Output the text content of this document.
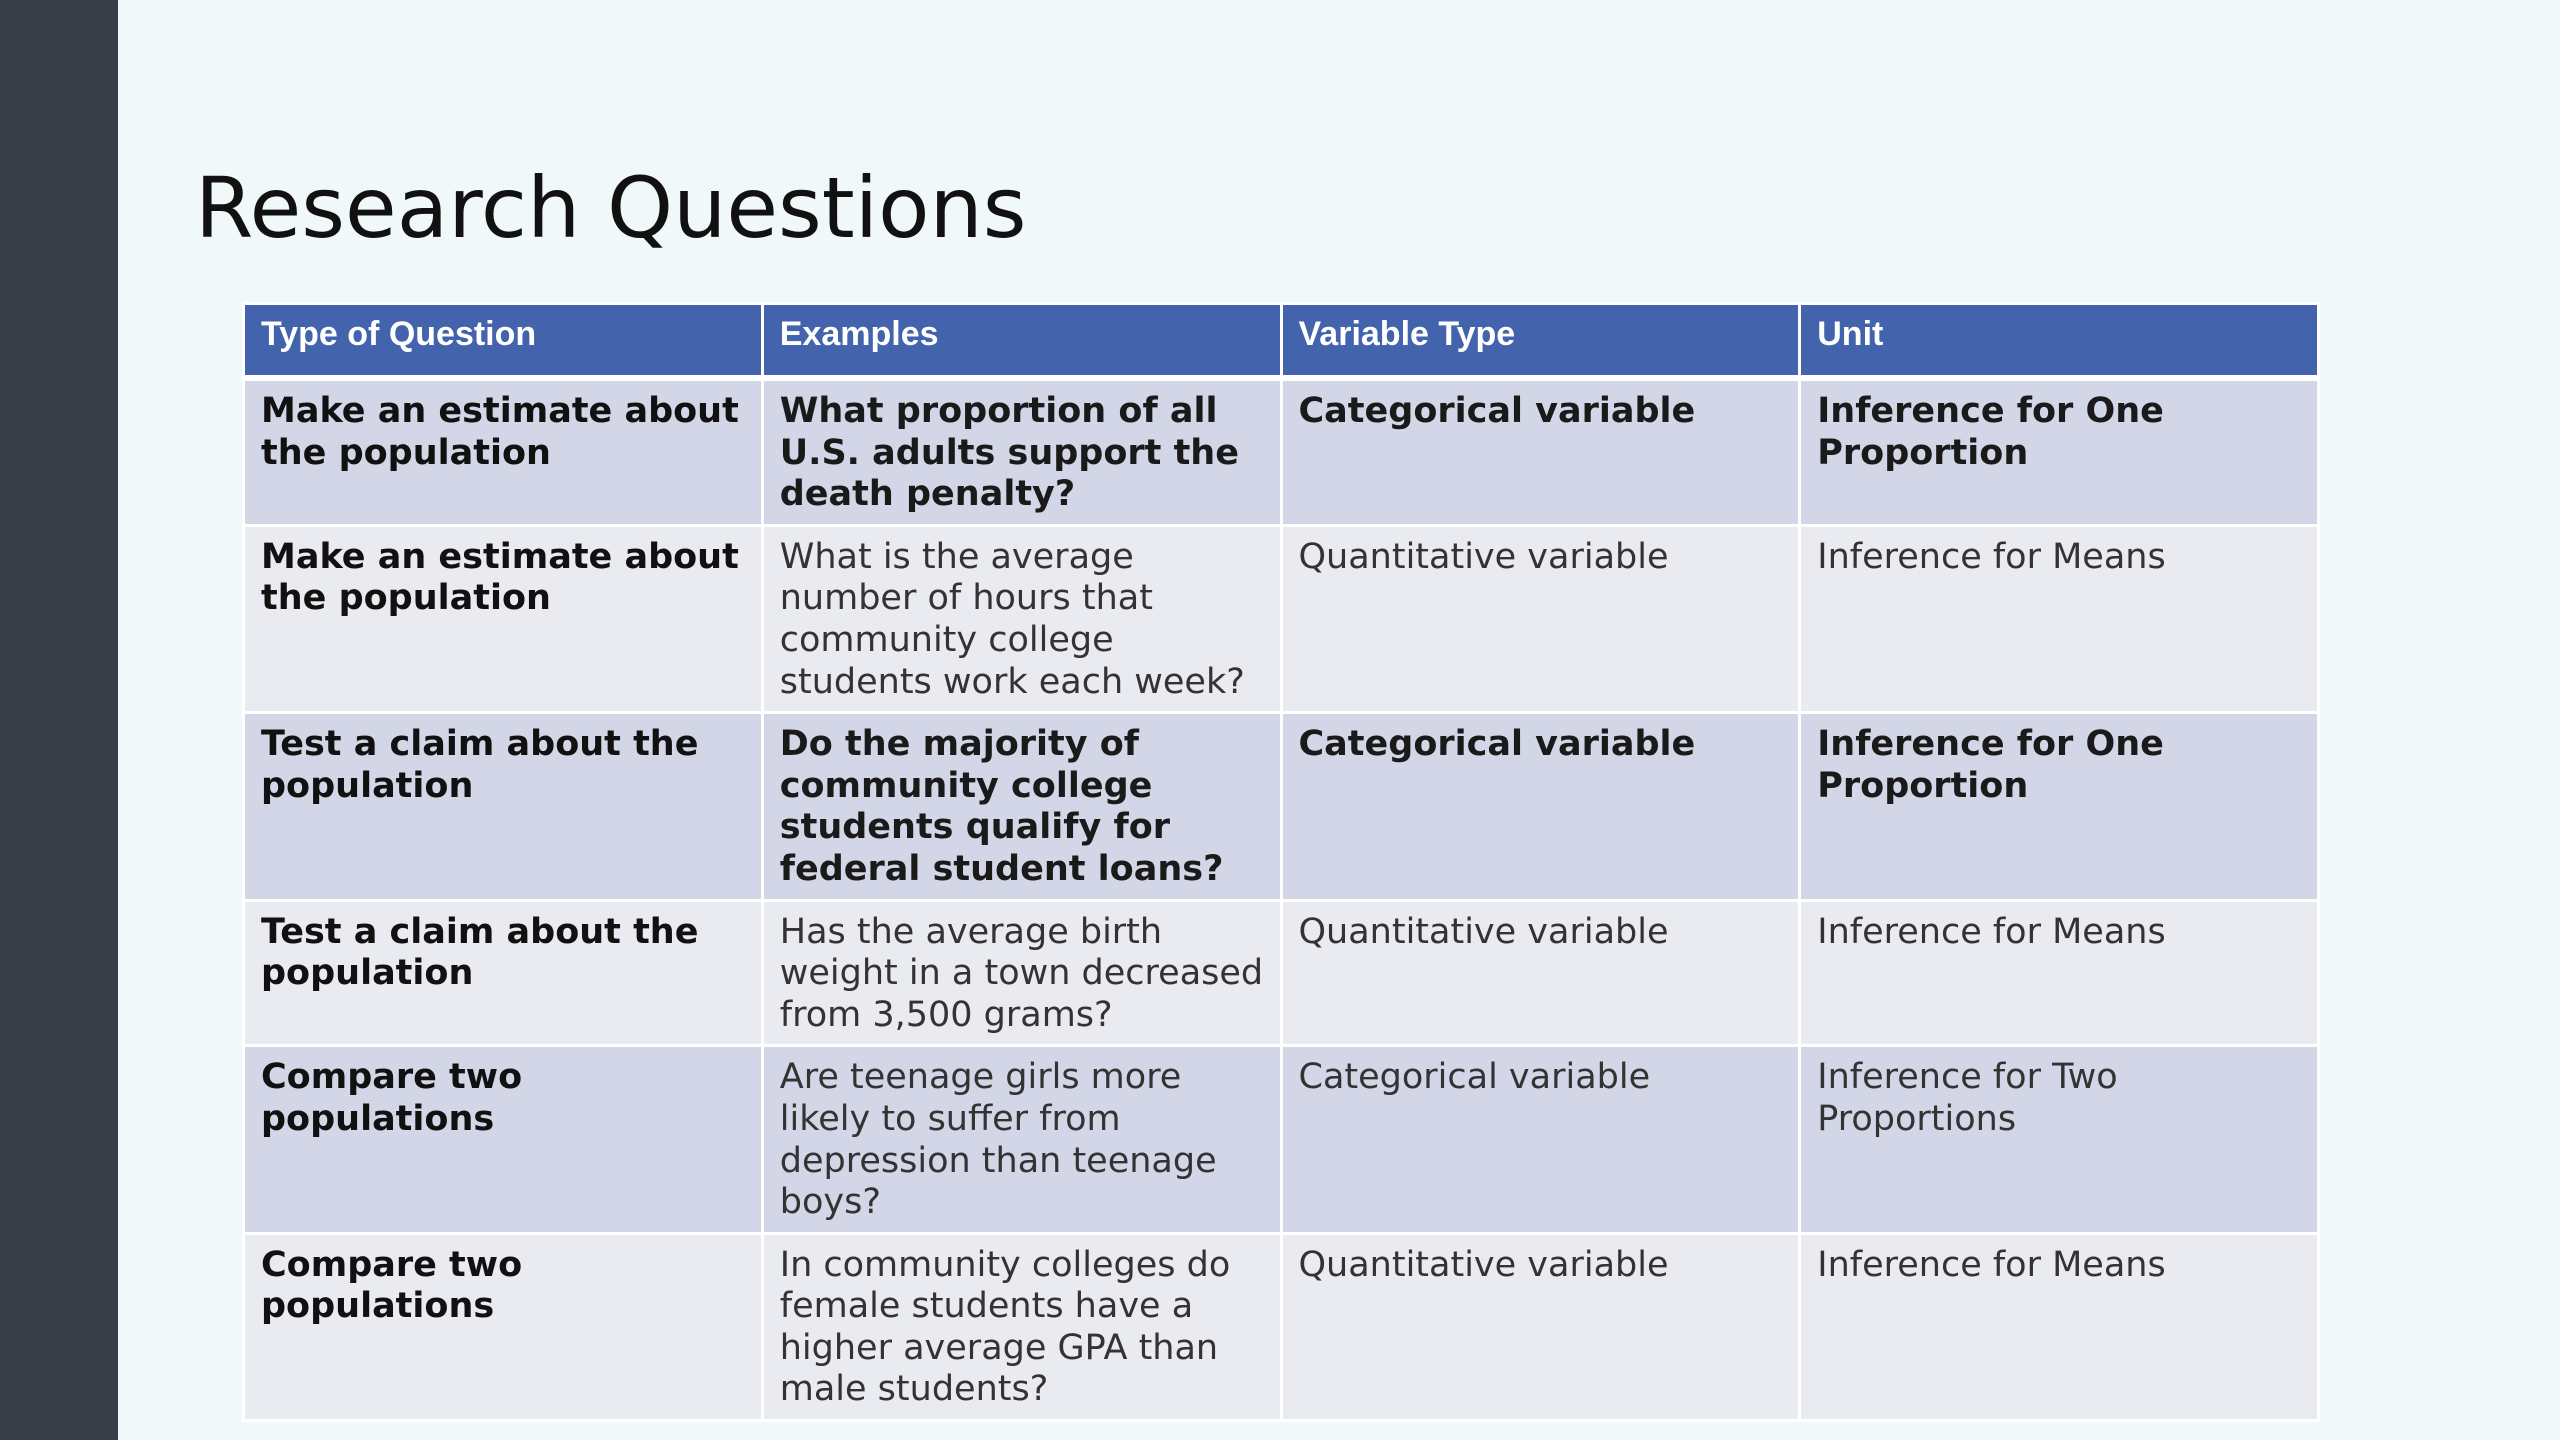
Research Questions
Type of Question	Examples	Variable Type	Unit
Make an estimate about the population	What proportion of all U.S. adults support the death penalty?	Categorical variable	Inference for One Proportion
Make an estimate about the population	What is the average number of hours that community college students work each week?	Quantitative variable	Inference for Means
Test a claim about the population	Do the majority of community college students qualify for federal student loans?	Categorical variable	Inference for One Proportion
Test a claim about the population	Has the average birth weight in a town decreased from 3,500 grams?	Quantitative variable	Inference for Means
Compare two populations	Are teenage girls more likely to suffer from depression than teenage boys?	Categorical variable	Inference for Two Proportions
Compare two populations	In community colleges do female students have a higher average GPA than male students?	Quantitative variable	Inference for Means
